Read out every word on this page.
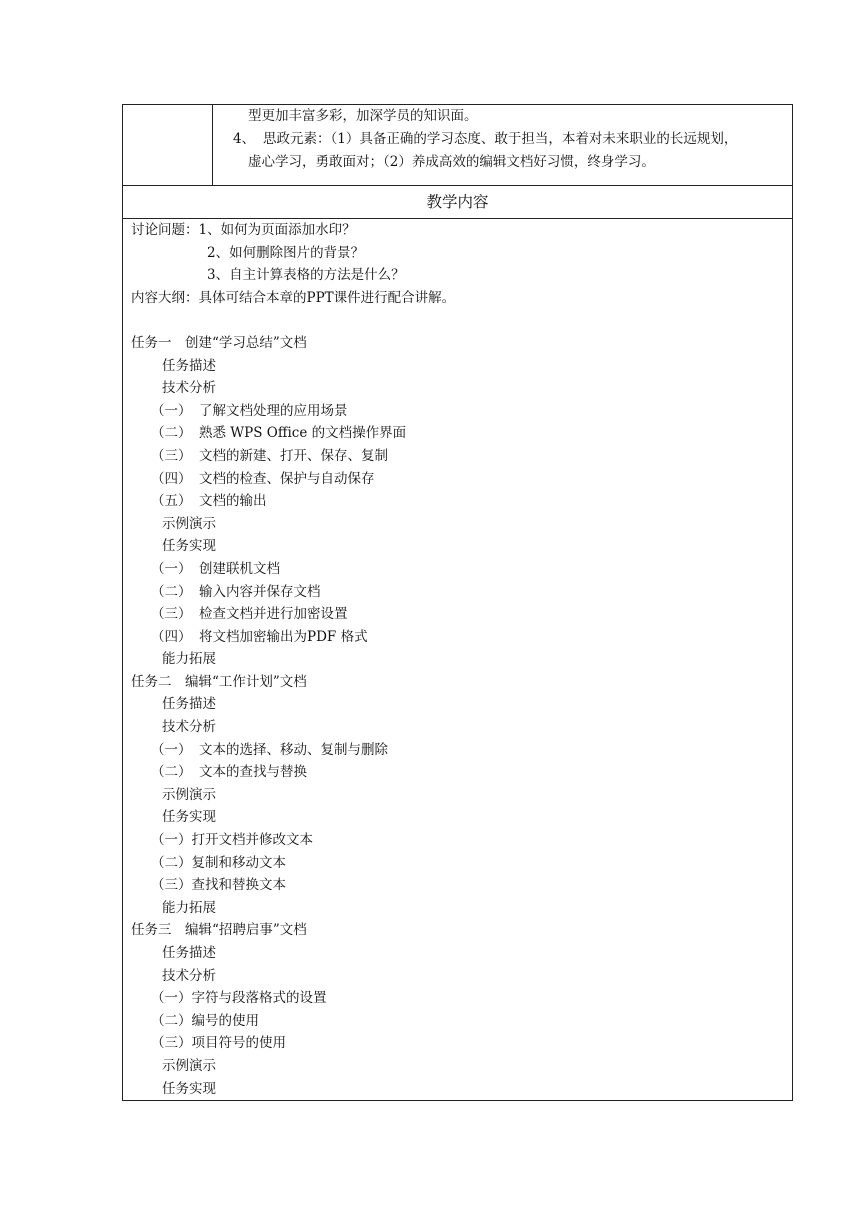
型更加丰富多彩，加深学员的知识面。
4、 思政元素：（1）具备正确的学习态度、敢于担当，本着对未来职业的长远规划，
虚心学习，勇敢面对；（2）养成高效的编辑文档好习惯，终身学习。

教学内容

讨论问题：1、如何为页面添加水印？
2、如何删除图片的背景？
3、自主计算表格的方法是什么？
内容大纲：具体可结合本章的PPT课件进行配合讲解。
任务一　创建“学习总结”文档
任务描述
技术分析
（一） 了解文档处理的应用场景
（二） 熟悉 WPS Office 的文档操作界面
（三） 文档的新建、打开、保存、复制
（四） 文档的检查、保护与自动保存
（五） 文档的输出
示例演示
任务实现
（一） 创建联机文档
（二） 输入内容并保存文档
（三） 检查文档并进行加密设置
（四） 将文档加密输出为PDF 格式
能力拓展
任务二　编辑“工作计划”文档
任务描述
技术分析
（一） 文本的选择、移动、复制与删除
（二） 文本的查找与替换
示例演示
任务实现
（一）打开文档并修改文本
（二）复制和移动文本
（三）查找和替换文本
能力拓展
任务三　编辑“招聘启事”文档
任务描述
技术分析
（一）字符与段落格式的设置
（二）编号的使用
（三）项目符号的使用
示例演示
任务实现
